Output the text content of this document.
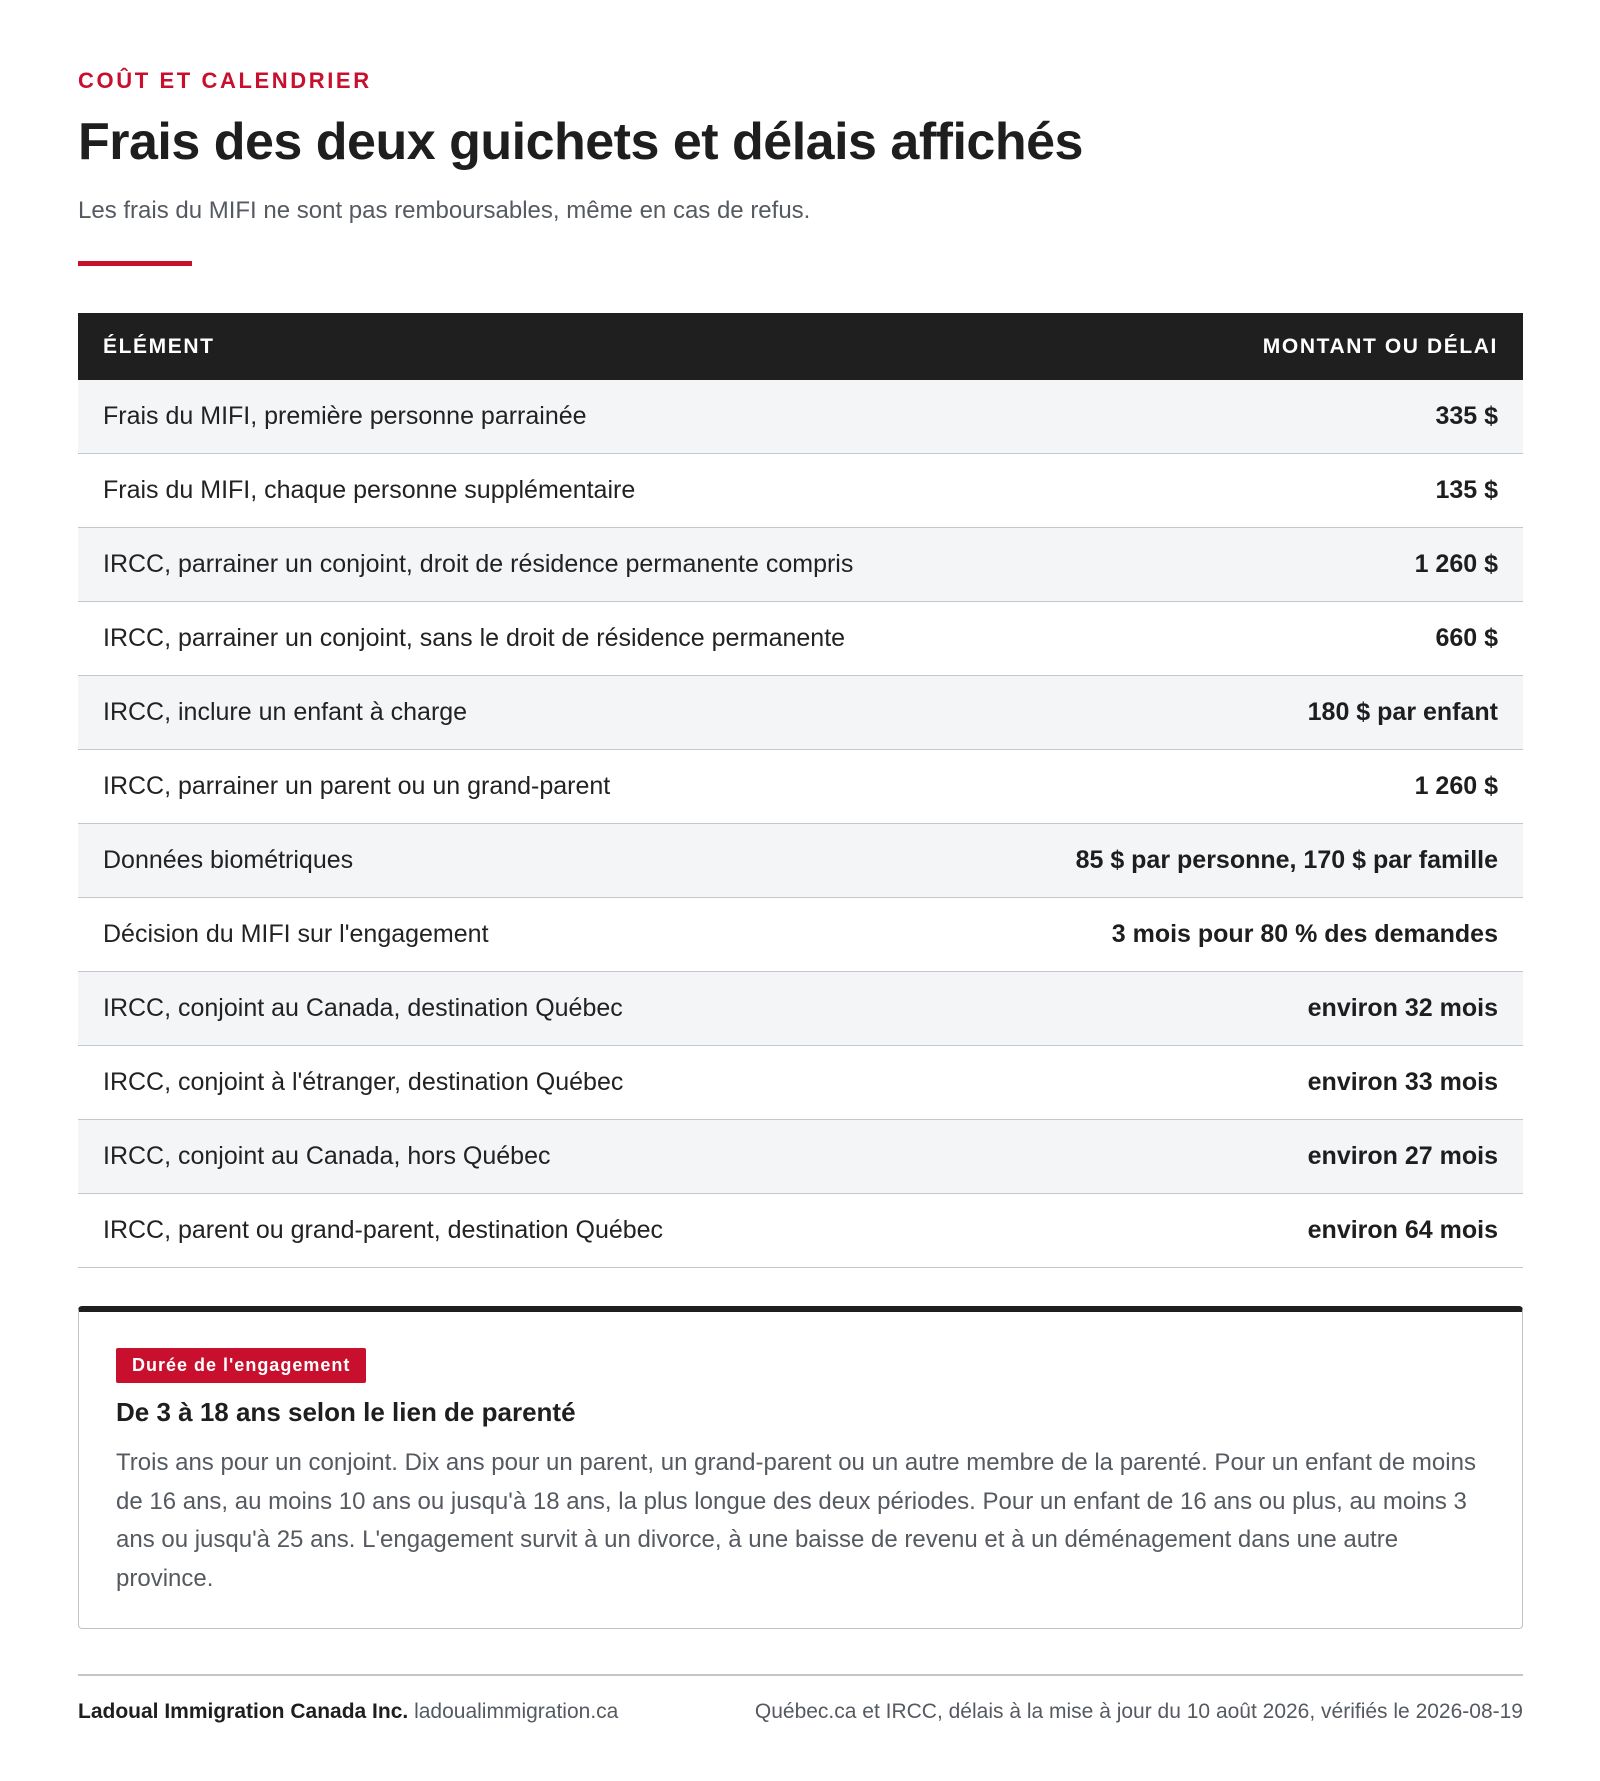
COÛT ET CALENDRIER
Frais des deux guichets et délais affichés
Les frais du MIFI ne sont pas remboursables, même en cas de refus.
ÉLÉMENT	MONTANT OU DÉLAI
Frais du MIFI, première personne parrainée	335 $
Frais du MIFI, chaque personne supplémentaire	135 $
IRCC, parrainer un conjoint, droit de résidence permanente compris	1 260 $
IRCC, parrainer un conjoint, sans le droit de résidence permanente	660 $
IRCC, inclure un enfant à charge	180 $ par enfant
IRCC, parrainer un parent ou un grand-parent	1 260 $
Données biométriques	85 $ par personne, 170 $ par famille
Décision du MIFI sur l'engagement	3 mois pour 80 % des demandes
IRCC, conjoint au Canada, destination Québec	environ 32 mois
IRCC, conjoint à l'étranger, destination Québec	environ 33 mois
IRCC, conjoint au Canada, hors Québec	environ 27 mois
IRCC, parent ou grand-parent, destination Québec	environ 64 mois
Durée de l'engagement
De 3 à 18 ans selon le lien de parenté
Trois ans pour un conjoint. Dix ans pour un parent, un grand-parent ou un autre membre de la parenté. Pour un enfant de moins de 16 ans, au moins 10 ans ou jusqu'à 18 ans, la plus longue des deux périodes. Pour un enfant de 16 ans ou plus, au moins 3 ans ou jusqu'à 25 ans. L'engagement survit à un divorce, à une baisse de revenu et à un déménagement dans une autre province.
Ladoual Immigration Canada Inc. ladoualimmigration.ca	Québec.ca et IRCC, délais à la mise à jour du 10 août 2026, vérifiés le 2026-08-19
